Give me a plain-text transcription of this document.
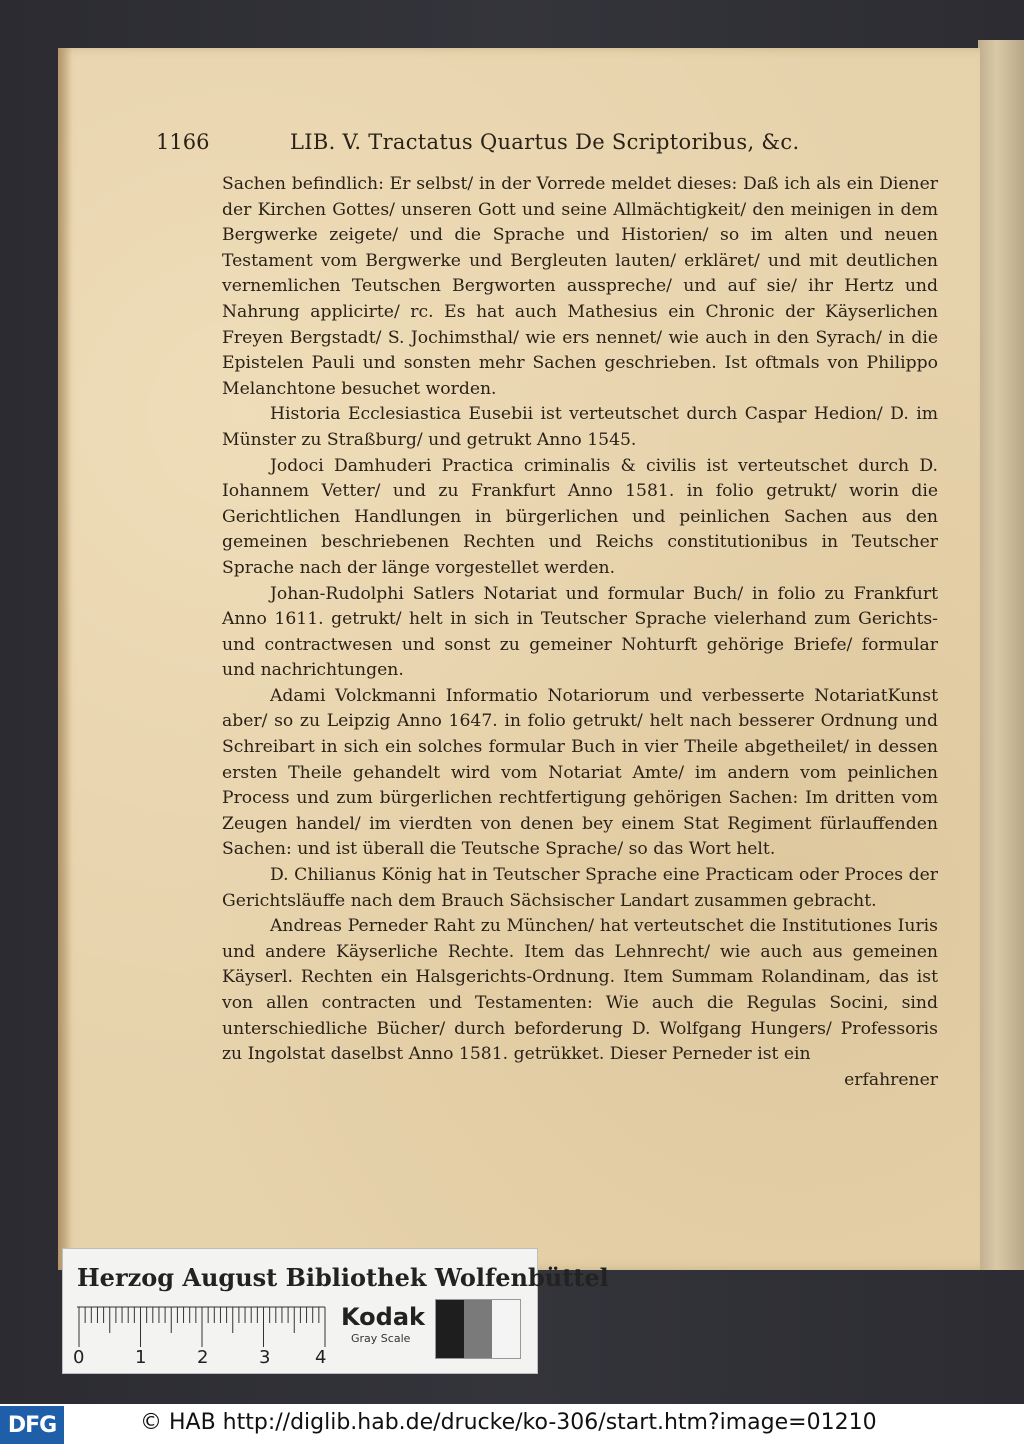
1166	LIB. V. Tractatus Quartus De Scriptoribus, &c.

Sachen befindlich: Er selbst/ in der Vorrede meldet dieses: Daß ich als ein Diener der Kirchen Gottes/ unseren Gott und seine Allmächtigkeit/ den meinigen in dem Bergwerke zeigete/ und die Sprache und Historien/ so im alten und neuen Testament vom Bergwerke und Bergleuten lauten/ erkläret/ und mit deutlichen vernemlichen Teutschen Bergworten ausspreche/ und auf sie/ ihr Hertz und Nahrung applicirte/ rc. Es hat auch Mathesius ein Chronic der Käyserlichen Freyen Bergstadt/ S. Jochimsthal/ wie ers nennet/ wie auch in den Syrach/ in die Epistelen Pauli und sonsten mehr Sachen geschrieben. Ist oftmals von Philippo Melanchtone besuchet worden.

Historia Ecclesiastica Eusebii ist verteutschet durch Caspar Hedion/ D. im Münster zu Straßburg/ und getrukt Anno 1545.

Jodoci Damhuderi Practica criminalis & civilis ist verteutschet durch D. Iohannem Vetter/ und zu Frankfurt Anno 1581. in folio getrukt/ worin die Gerichtlichen Handlungen in bürgerlichen und peinlichen Sachen aus den gemeinen beschriebenen Rechten und Reichs constitutionibus in Teutscher Sprache nach der länge vorgestellet werden.

Johan-Rudolphi Satlers Notariat und formular Buch/ in folio zu Frankfurt Anno 1611. getrukt/ helt in sich in Teutscher Sprache vielerhand zum Gerichts- und contractwesen und sonst zu gemeiner Nohturft gehörige Briefe/ formular und nachrichtungen.

Adami Volckmanni Informatio Notariorum und verbesserte NotariatKunst aber/ so zu Leipzig Anno 1647. in folio getrukt/ helt nach besserer Ordnung und Schreibart in sich ein solches formular Buch in vier Theile abgetheilet/ in dessen ersten Theile gehandelt wird vom Notariat Amte/ im andern vom peinlichen Process und zum bürgerlichen rechtfertigung gehörigen Sachen: Im dritten vom Zeugen handel/ im vierdten von denen bey einem Stat Regiment fürlauffenden Sachen: und ist überall die Teutsche Sprache/ so das Wort helt.

D. Chilianus König hat in Teutscher Sprache eine Practicam oder Proces der Gerichtsläuffe nach dem Brauch Sächsischer Landart zusammen gebracht.

Andreas Perneder Raht zu München/ hat verteutschet die Institutiones Iuris und andere Käyserliche Rechte. Item das Lehnrecht/ wie auch aus gemeinen Käyserl. Rechten ein Halsgerichts-Ordnung. Item Summam Rolandinam, das ist von allen contracten und Testamenten: Wie auch die Regulas Socini, sind unterschiedliche Bücher/ durch beforderung D. Wolfgang Hungers/ Professoris zu Ingolstat daselbst Anno 1581. getrükket. Dieser Perneder ist ein

erfahrener

Herzog August Bibliothek Wolfenbüttel
0	1	2	3 4
Kodak
Gray Scale
DFG	© HAB http://diglib.hab.de/drucke/ko-306/start.htm?image=01210
